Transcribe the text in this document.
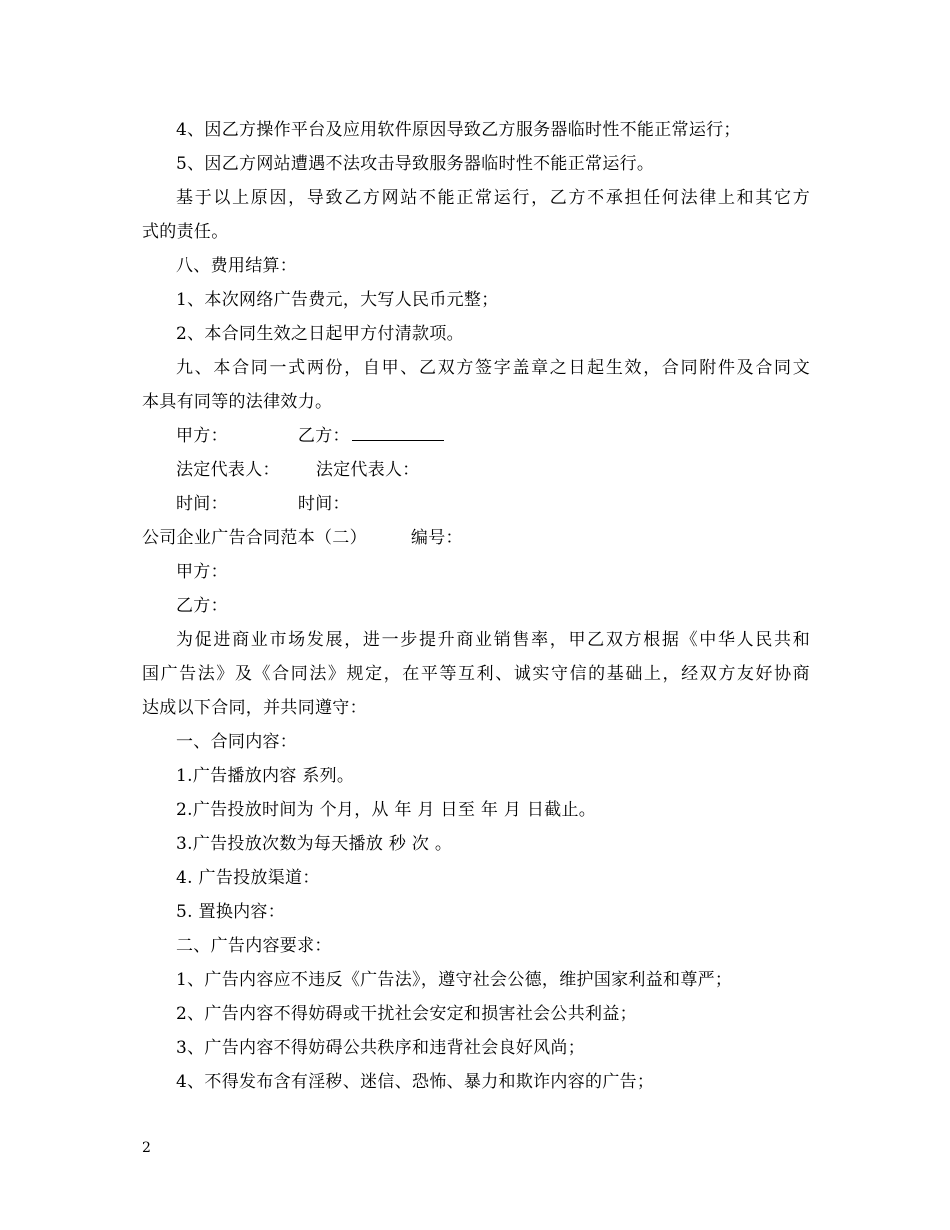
4、因乙方操作平台及应用软件原因导致乙方服务器临时性不能正常运行；
5、因乙方网站遭遇不法攻击导致服务器临时性不能正常运行。
基于以上原因，导致乙方网站不能正常运行，乙方不承担任何法律上和其它方
式的责任。
八、费用结算：
1、本次网络广告费元，大写人民币元整；
2、本合同生效之日起甲方付清款项。
九、本合同一式两份，自甲、乙双方签字盖章之日起生效，合同附件及合同文
本具有同等的法律效力。
甲方：	乙方：
法定代表人： 法定代表人：
时间：	时间：
公司企业广告合同范本（二）	编号：
甲方：
乙方：
为促进商业市场发展，进一步提升商业销售率，甲乙双方根据《中华人民共和
国广告法》及《合同法》规定，在平等互利、诚实守信的基础上，经双方友好协商
达成以下合同，并共同遵守：
一、合同内容：
1.广告播放内容 系列。
2.广告投放时间为 个月，从 年 月 日至 年 月 日截止。
3.广告投放次数为每天播放 秒 次 。
4. 广告投放渠道：
5. 置换内容：
二、广告内容要求：
1、广告内容应不违反《广告法》，遵守社会公德，维护国家利益和尊严；
2、广告内容不得妨碍或干扰社会安定和损害社会公共利益；
3、广告内容不得妨碍公共秩序和违背社会良好风尚；
4、不得发布含有淫秽、迷信、恐怖、暴力和欺诈内容的广告；
2
